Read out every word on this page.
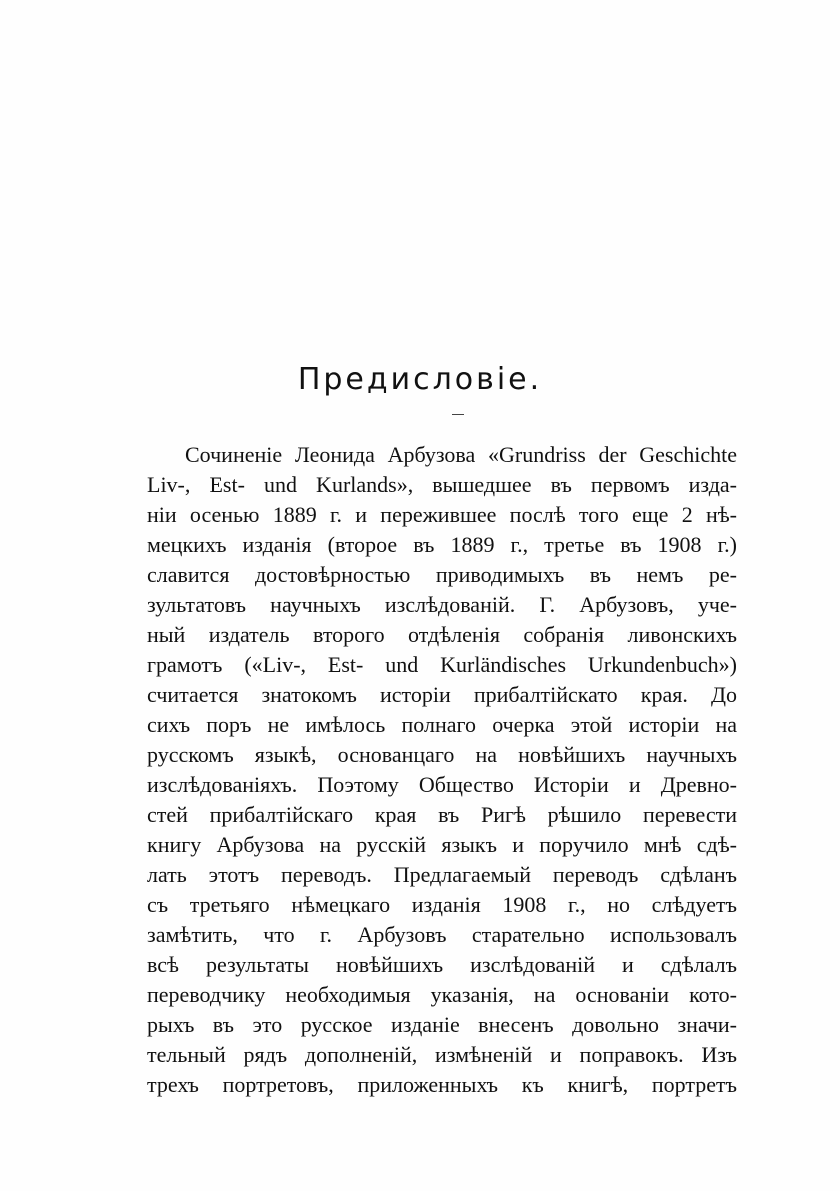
Предисловіе.
Сочиненіе Леонида Арбузова «Grundriss der Geschichte
Liv-, Est- und Kurlands», вышедшее въ первомъ изда-
ніи осенью 1889 г. и пережившее послѣ того еще 2 нѣ-
мецкихъ изданія (второе въ 1889 г., третье въ 1908 г.)
славится достовѣрностью приводимыхъ въ немъ ре-
зультатовъ научныхъ изслѣдованій. Г. Арбузовъ, уче-
ный издатель второго отдѣленія собранія ливонскихъ
грамотъ («Liv-, Est- und Kurländisches Urkundenbuch»)
считается знатокомъ исторіи прибалтійскато края. До
сихъ поръ не имѣлось полнаго очерка этой исторіи на
русскомъ языкѣ, основанцаго на новѣйшихъ научныхъ
изслѣдованіяхъ. Поэтому Общество Исторіи и Древно-
стей прибалтійскаго края въ Ригѣ рѣшило перевести
книгу Арбузова на русскій языкъ и поручило мнѣ сдѣ-
лать этотъ переводъ. Предлагаемый переводъ сдѣланъ
съ третьяго нѣмецкаго изданія 1908 г., но слѣдуетъ
замѣтить, что г. Арбузовъ старательно использовалъ
всѣ результаты новѣйшихъ изслѣдованій и сдѣлалъ
переводчику необходимыя указанія, на основаніи кото-
рыхъ въ это русское изданіе внесенъ довольно значи-
тельный рядъ дополненій, измѣненій и поправокъ. Изъ
трехъ портретовъ, приложенныхъ къ книгѣ, портретъ
